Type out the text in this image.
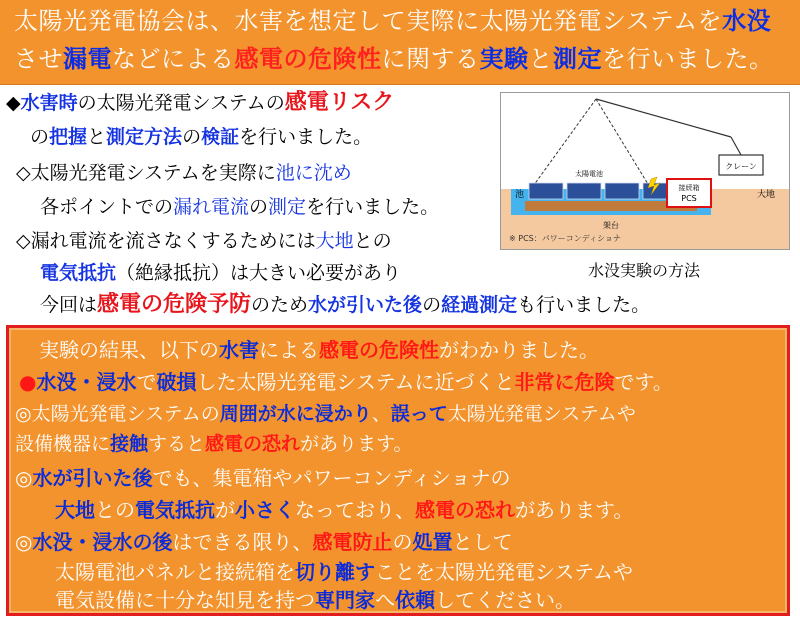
太陽光発電協会は、水害を想定して実際に太陽光発電システムを水没
させ漏電などによる感電の危険性に関する実験と測定を行いました。
◆水害時の太陽光発電システムの感電リスク
の把握と測定方法の検証を行いました。
◇太陽光発電システムを実際に池に沈め
各ポイントでの漏れ電流の測定を行いました。
◇漏れ電流を流さなくするためには大地との
電気抵抗（絶縁抵抗）は大きい必要があり
今回は感電の危険予防のため水が引いた後の経過測定も行いました。
クレーン
架台
太陽電池
接続箱
PCS
池	大地
※ PCS：パワーコンディショナ
水没実験の方法
実験の結果、以下の水害による感電の危険性がわかりました。
●水没・浸水で破損した太陽光発電システムに近づくと非常に危険です。
◎太陽光発電システムの周囲が水に浸かり、誤って太陽光発電システムや
設備機器に接触すると感電の恐れがあります。
◎水が引いた後でも、集電箱やパワーコンディショナの
大地との電気抵抗が小さくなっており、感電の恐れがあります。
◎水没・浸水の後はできる限り、感電防止の処置として
太陽電池パネルと接続箱を切り離すことを太陽光発電システムや
電気設備に十分な知見を持つ専門家へ依頼してください。
